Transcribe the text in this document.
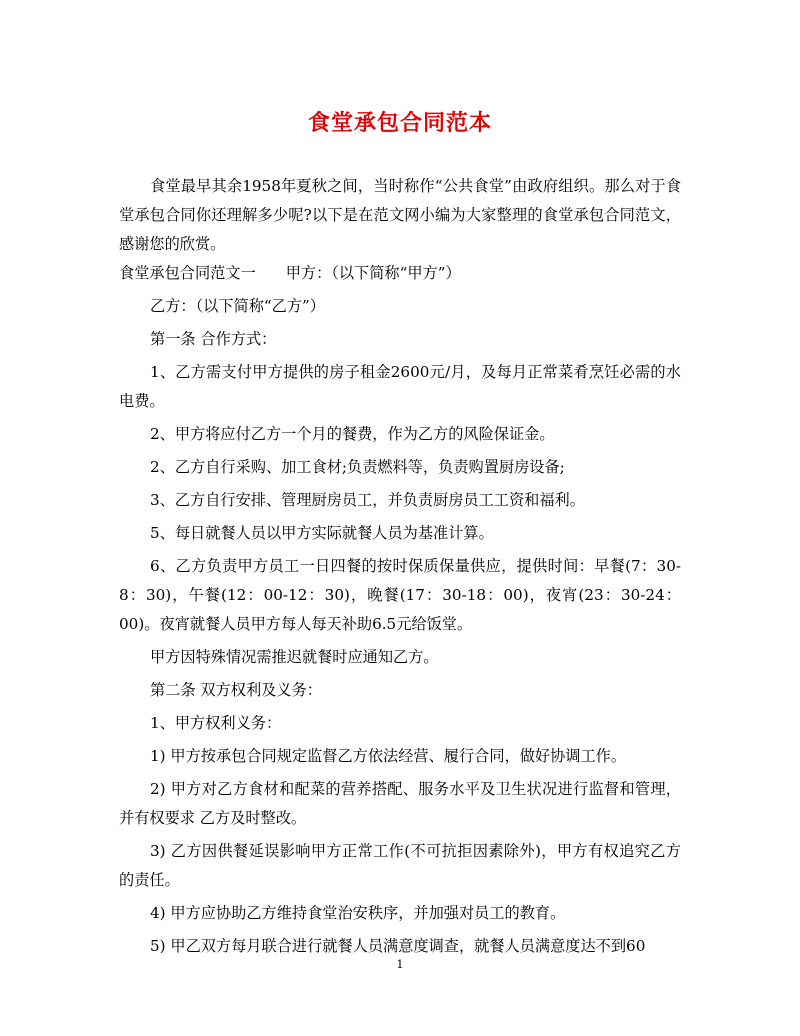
食堂承包合同范本

食堂最早其余1958年夏秋之间，当时称作“公共食堂”由政府组织。那么对于食堂承包合同你还理解多少呢?以下是在范文网小编为大家整理的食堂承包合同范文，感谢您的欣赏。

食堂承包合同范文一 甲方：（以下简称“甲方”）

乙方：（以下简称“乙方”）

第一条 合作方式：

1、乙方需支付甲方提供的房子租金2600元/月，及每月正常菜肴烹饪必需的水电费。

2、甲方将应付乙方一个月的餐费，作为乙方的风险保证金。

2、乙方自行采购、加工食材;负责燃料等，负责购置厨房设备;

3、乙方自行安排、管理厨房员工，并负责厨房员工工资和福利。

5、每日就餐人员以甲方实际就餐人员为基准计算。

6、乙方负责甲方员工一日四餐的按时保质保量供应，提供时间：早餐(7：30-8：30)，午餐(12：00-12：30)，晚餐(17：30-18：00)，夜宵(23：30-24：00)。夜宵就餐人员甲方每人每天补助6.5元给饭堂。

甲方因特殊情况需推迟就餐时应通知乙方。

第二条 双方权利及义务：

1、甲方权利义务：

1) 甲方按承包合同规定监督乙方依法经营、履行合同，做好协调工作。

2) 甲方对乙方食材和配菜的营养搭配、服务水平及卫生状况进行监督和管理，并有权要求 乙方及时整改。

3) 乙方因供餐延误影响甲方正常工作(不可抗拒因素除外)，甲方有权追究乙方的责任。

4) 甲方应协助乙方维持食堂治安秩序，并加强对员工的教育。

5) 甲乙双方每月联合进行就餐人员满意度调查，就餐人员满意度达不到60

1
